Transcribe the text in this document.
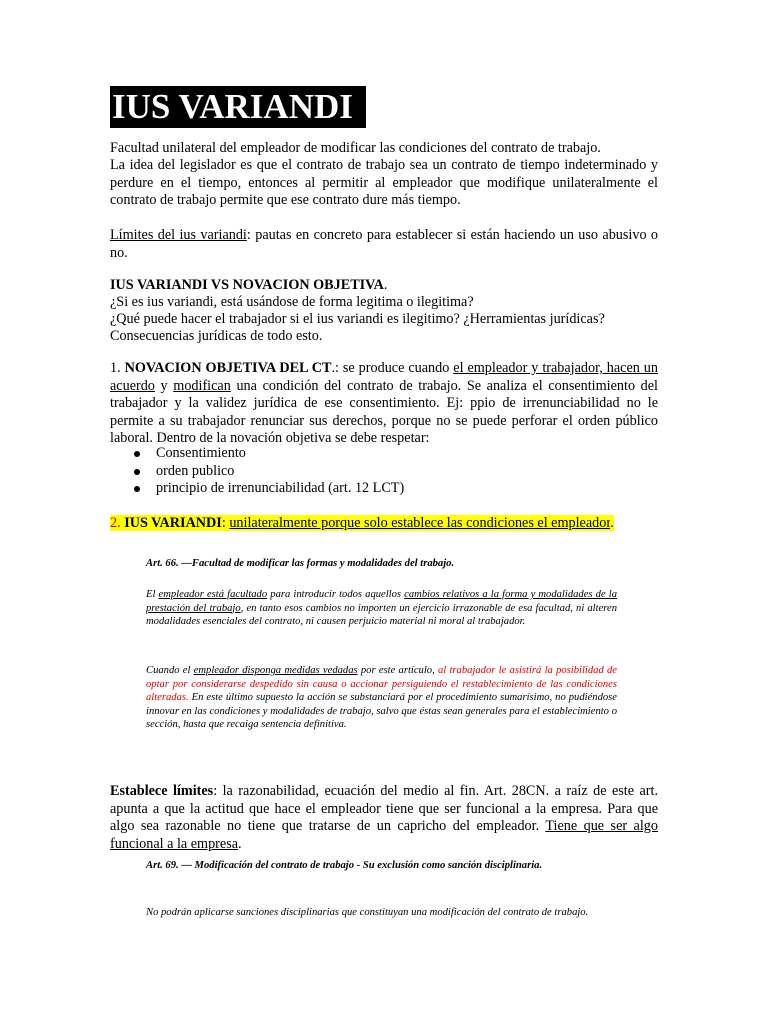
IUS VARIANDI

Facultad unilateral del empleador de modificar las condiciones del contrato de trabajo.

La idea del legislador es que el contrato de trabajo sea un contrato de tiempo indeterminado y perdure en el tiempo, entonces al permitir al empleador que modifique unilateralmente el contrato de trabajo permite que ese contrato dure más tiempo.

Límites del ius variandi: pautas en concreto para establecer si están haciendo un uso abusivo o no.

IUS VARIANDI VS NOVACION OBJETIVA.

¿Si es ius variandi, está usándose de forma legitima o ilegitima?

¿Qué puede hacer el trabajador si el ius variandi es ilegitimo? ¿Herramientas jurídicas?

Consecuencias jurídicas de todo esto.

1. NOVACION OBJETIVA DEL CT.: se produce cuando el empleador y trabajador, hacen un acuerdo y modifican una condición del contrato de trabajo. Se analiza el consentimiento del trabajador y la validez jurídica de ese consentimiento. Ej: ppio de irrenunciabilidad no le permite a su trabajador renunciar sus derechos, porque no se puede perforar el orden público laboral. Dentro de la novación objetiva se debe respetar:

Consentimiento
orden publico
principio de irrenunciabilidad (art. 12 LCT)

2. IUS VARIANDI: unilateralmente porque solo establece las condiciones el empleador.

Art. 66. —Facultad de modificar las formas y modalidades del trabajo.

El empleador está facultado para introducir todos aquellos cambios relativos a la forma y modalidades de la prestación del trabajo, en tanto esos cambios no importen un ejercicio irrazonable de esa facultad, ni alteren modalidades esenciales del contrato, ni causen perjuicio material ni moral al trabajador.

Cuando el empleador disponga medidas vedadas por este artículo, al trabajador le asistirá la posibilidad de optar por considerarse despedido sin causa o accionar persiguiendo el restablecimiento de las condiciones alteradas. En este último supuesto la acción se substanciará por el procedimiento sumarísimo, no pudiéndose innovar en las condiciones y modalidades de trabajo, salvo que éstas sean generales para el establecimiento o sección, hasta que recaiga sentencia definitiva.

Establece límites: la razonabilidad, ecuación del medio al fin. Art. 28CN. a raíz de este art. apunta a que la actitud que hace el empleador tiene que ser funcional a la empresa. Para que algo sea razonable no tiene que tratarse de un capricho del empleador. Tiene que ser algo funcional a la empresa.

Art. 69. — Modificación del contrato de trabajo - Su exclusión como sanción disciplinaria.

No podrán aplicarse sanciones disciplinarias que constituyan una modificación del contrato de trabajo.
